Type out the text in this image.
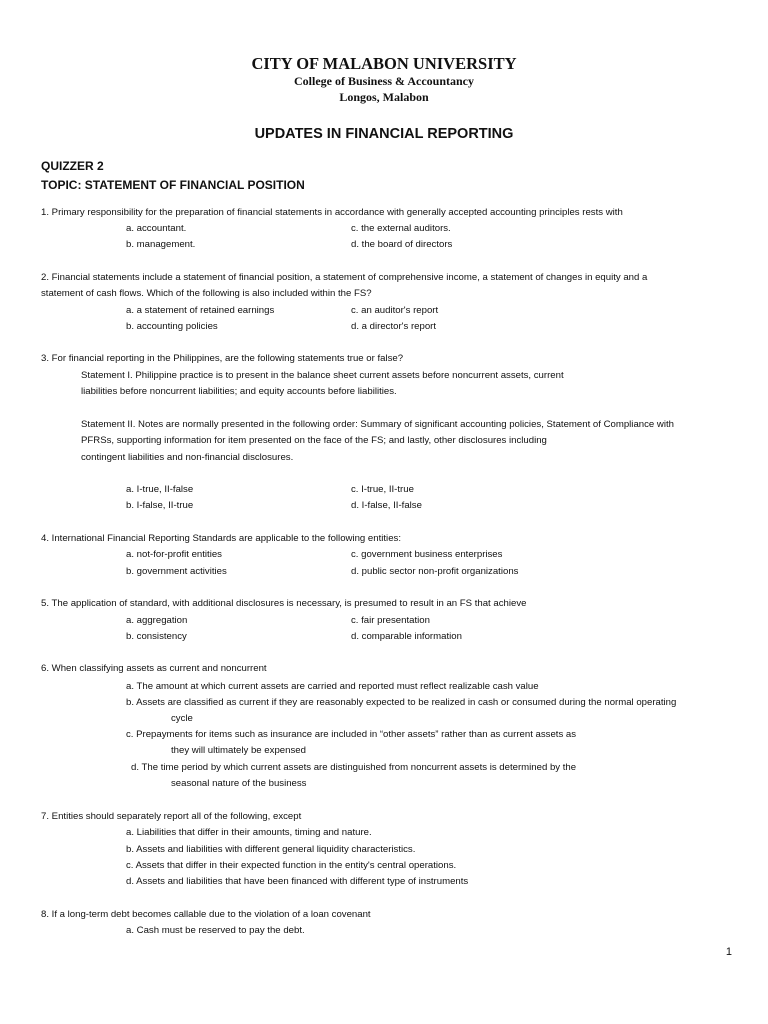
CITY OF MALABON UNIVERSITY
College of Business & Accountancy
Longos, Malabon
UPDATES IN FINANCIAL REPORTING
QUIZZER 2
TOPIC: STATEMENT OF FINANCIAL POSITION
1. Primary responsibility for the preparation of financial statements in accordance with generally accepted accounting principles rests with
a. accountant.	c. the external auditors.
b. management.	d. the board of directors
2. Financial statements include a statement of financial position, a statement of comprehensive income, a statement of changes in equity and a
statement of cash flows. Which of the following is also included within the FS?
a. a statement of retained earnings	c. an auditor's report
b. accounting policies	d. a director's report
3. For financial reporting in the Philippines, are the following statements true or false?
Statement I. Philippine practice is to present in the balance sheet current assets before noncurrent assets, current
liabilities before noncurrent liabilities; and equity accounts before liabilities.
Statement II. Notes are normally presented in the following order: Summary of significant accounting policies, Statement of Compliance with
PFRSs, supporting information for item presented on the face of the FS; and lastly, other disclosures including
contingent liabilities and non-financial disclosures.
a. I-true, II-false	c. I-true, II-true
b. I-false, II-true	d. I-false, II-false
4. International Financial Reporting Standards are applicable to the following entities:
a. not-for-profit entities	c. government business enterprises
b. government activities	d. public sector non-profit organizations
5. The application of standard, with additional disclosures is necessary, is presumed to result in an FS that achieve
a. aggregation	c. fair presentation
b. consistency	d. comparable information
6. When classifying assets as current and noncurrent
a. The amount at which current assets are carried and reported must reflect realizable cash value
b. Assets are classified as current if they are reasonably expected to be realized in cash or consumed during the normal operating
cycle
c. Prepayments for items such as insurance are included in “other assets” rather than as current assets as
they will ultimately be expensed
d. The time period by which current assets are distinguished from noncurrent assets is determined by the
seasonal nature of the business
7. Entities should separately report all of the following, except
a. Liabilities that differ in their amounts, timing and nature.
b. Assets and liabilities with different general liquidity characteristics.
c. Assets that differ in their expected function in the entity's central operations.
d. Assets and liabilities that have been financed with different type of instruments
8. If a long-term debt becomes callable due to the violation of a loan covenant
a. Cash must be reserved to pay the debt.
1
